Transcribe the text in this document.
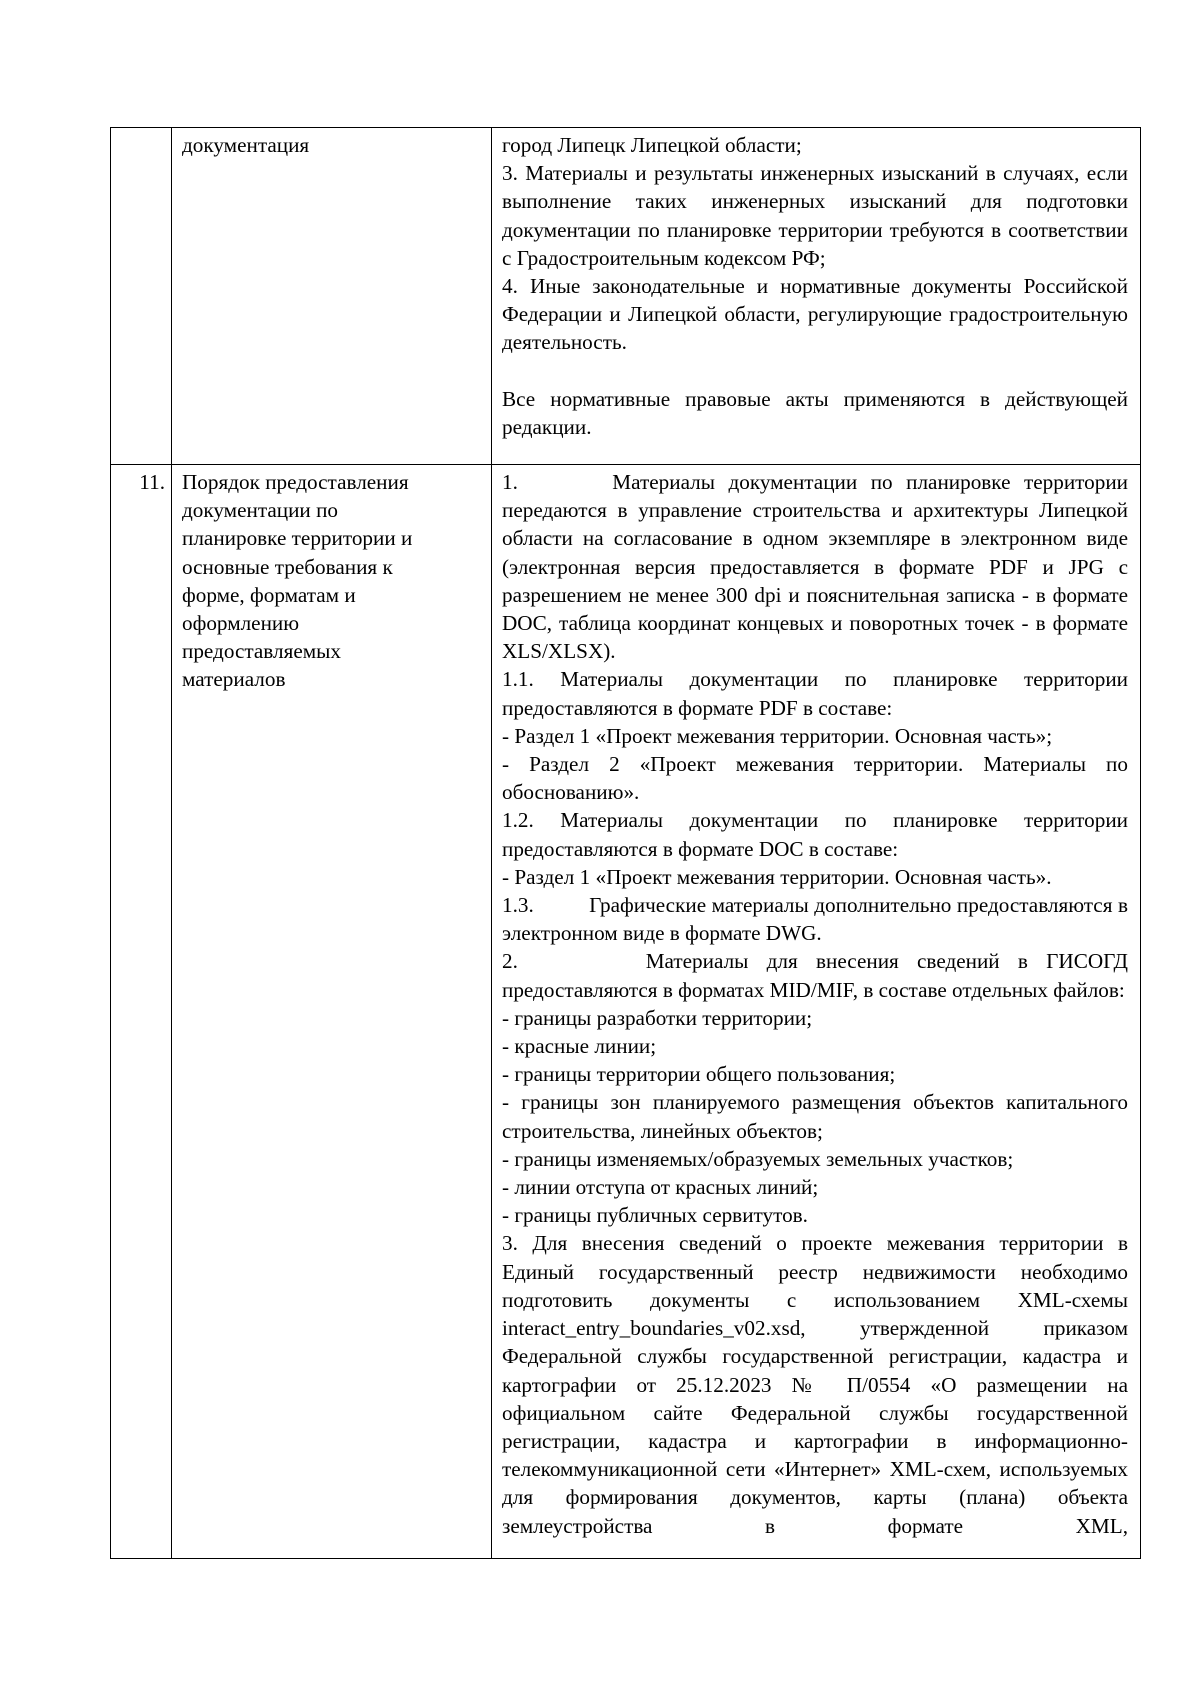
документация	город Липецк Липецкой области;

3. Материалы и результаты инженерных изысканий в случаях, если выполнение таких инженерных изысканий для подготовки документации по планировке территории требуются в соответствии с Градостроительным кодексом РФ;

4. Иные законодательные и нормативные документы Российской Федерации и Липецкой области, регулирующие градостроительную деятельность.

Все нормативные правовые акты применяются в действующей редакции.

11. Порядок предоставления
документации по
планировке территории и
основные требования к
форме, форматам и
оформлению
предоставляемых
материалов

1.       Материалы документации по планировке территории передаются в управление строительства и архитектуры Липецкой области на согласование в одном экземпляре в электронном виде (электронная версия предоставляется в формате PDF и JPG с разрешением не менее 300 dpi и пояснительная записка - в формате DOC, таблица координат концевых и поворотных точек - в формате XLS/XLSX).

1.1. Материалы документации по планировке территории предоставляются в формате PDF в составе:

- Раздел 1 «Проект межевания территории. Основная часть»;

- Раздел 2 «Проект межевания территории. Материалы по обоснованию».

1.2. Материалы документации по планировке территории предоставляются в формате DOC в составе:

- Раздел 1 «Проект межевания территории. Основная часть».

1.3.          Графические материалы дополнительно предоставляются в электронном виде в формате DWG.

2.       Материалы для внесения сведений в ГИСОГД предоставляются в форматах MID/MIF, в составе отдельных файлов:

- границы разработки территории;

- красные линии;

- границы территории общего пользования;

- границы зон планируемого размещения объектов капитального строительства, линейных объектов;

- границы изменяемых/образуемых земельных участков;

- линии отступа от красных линий;

- границы публичных сервитутов.

3. Для внесения сведений о проекте межевания территории в Единый государственный реестр недвижимости необходимо подготовить документы с использованием XML-схемы interact_entry_boundaries_v02.xsd, утвержденной приказом Федеральной службы государственной регистрации, кадастра и картографии от 25.12.2023 № П/0554 «О размещении на официальном сайте Федеральной службы государственной регистрации, кадастра и картографии в информационно-телекоммуникационной сети «Интернет» XML-схем, используемых для формирования документов, карты (плана) объекта землеустройства в формате XML,
